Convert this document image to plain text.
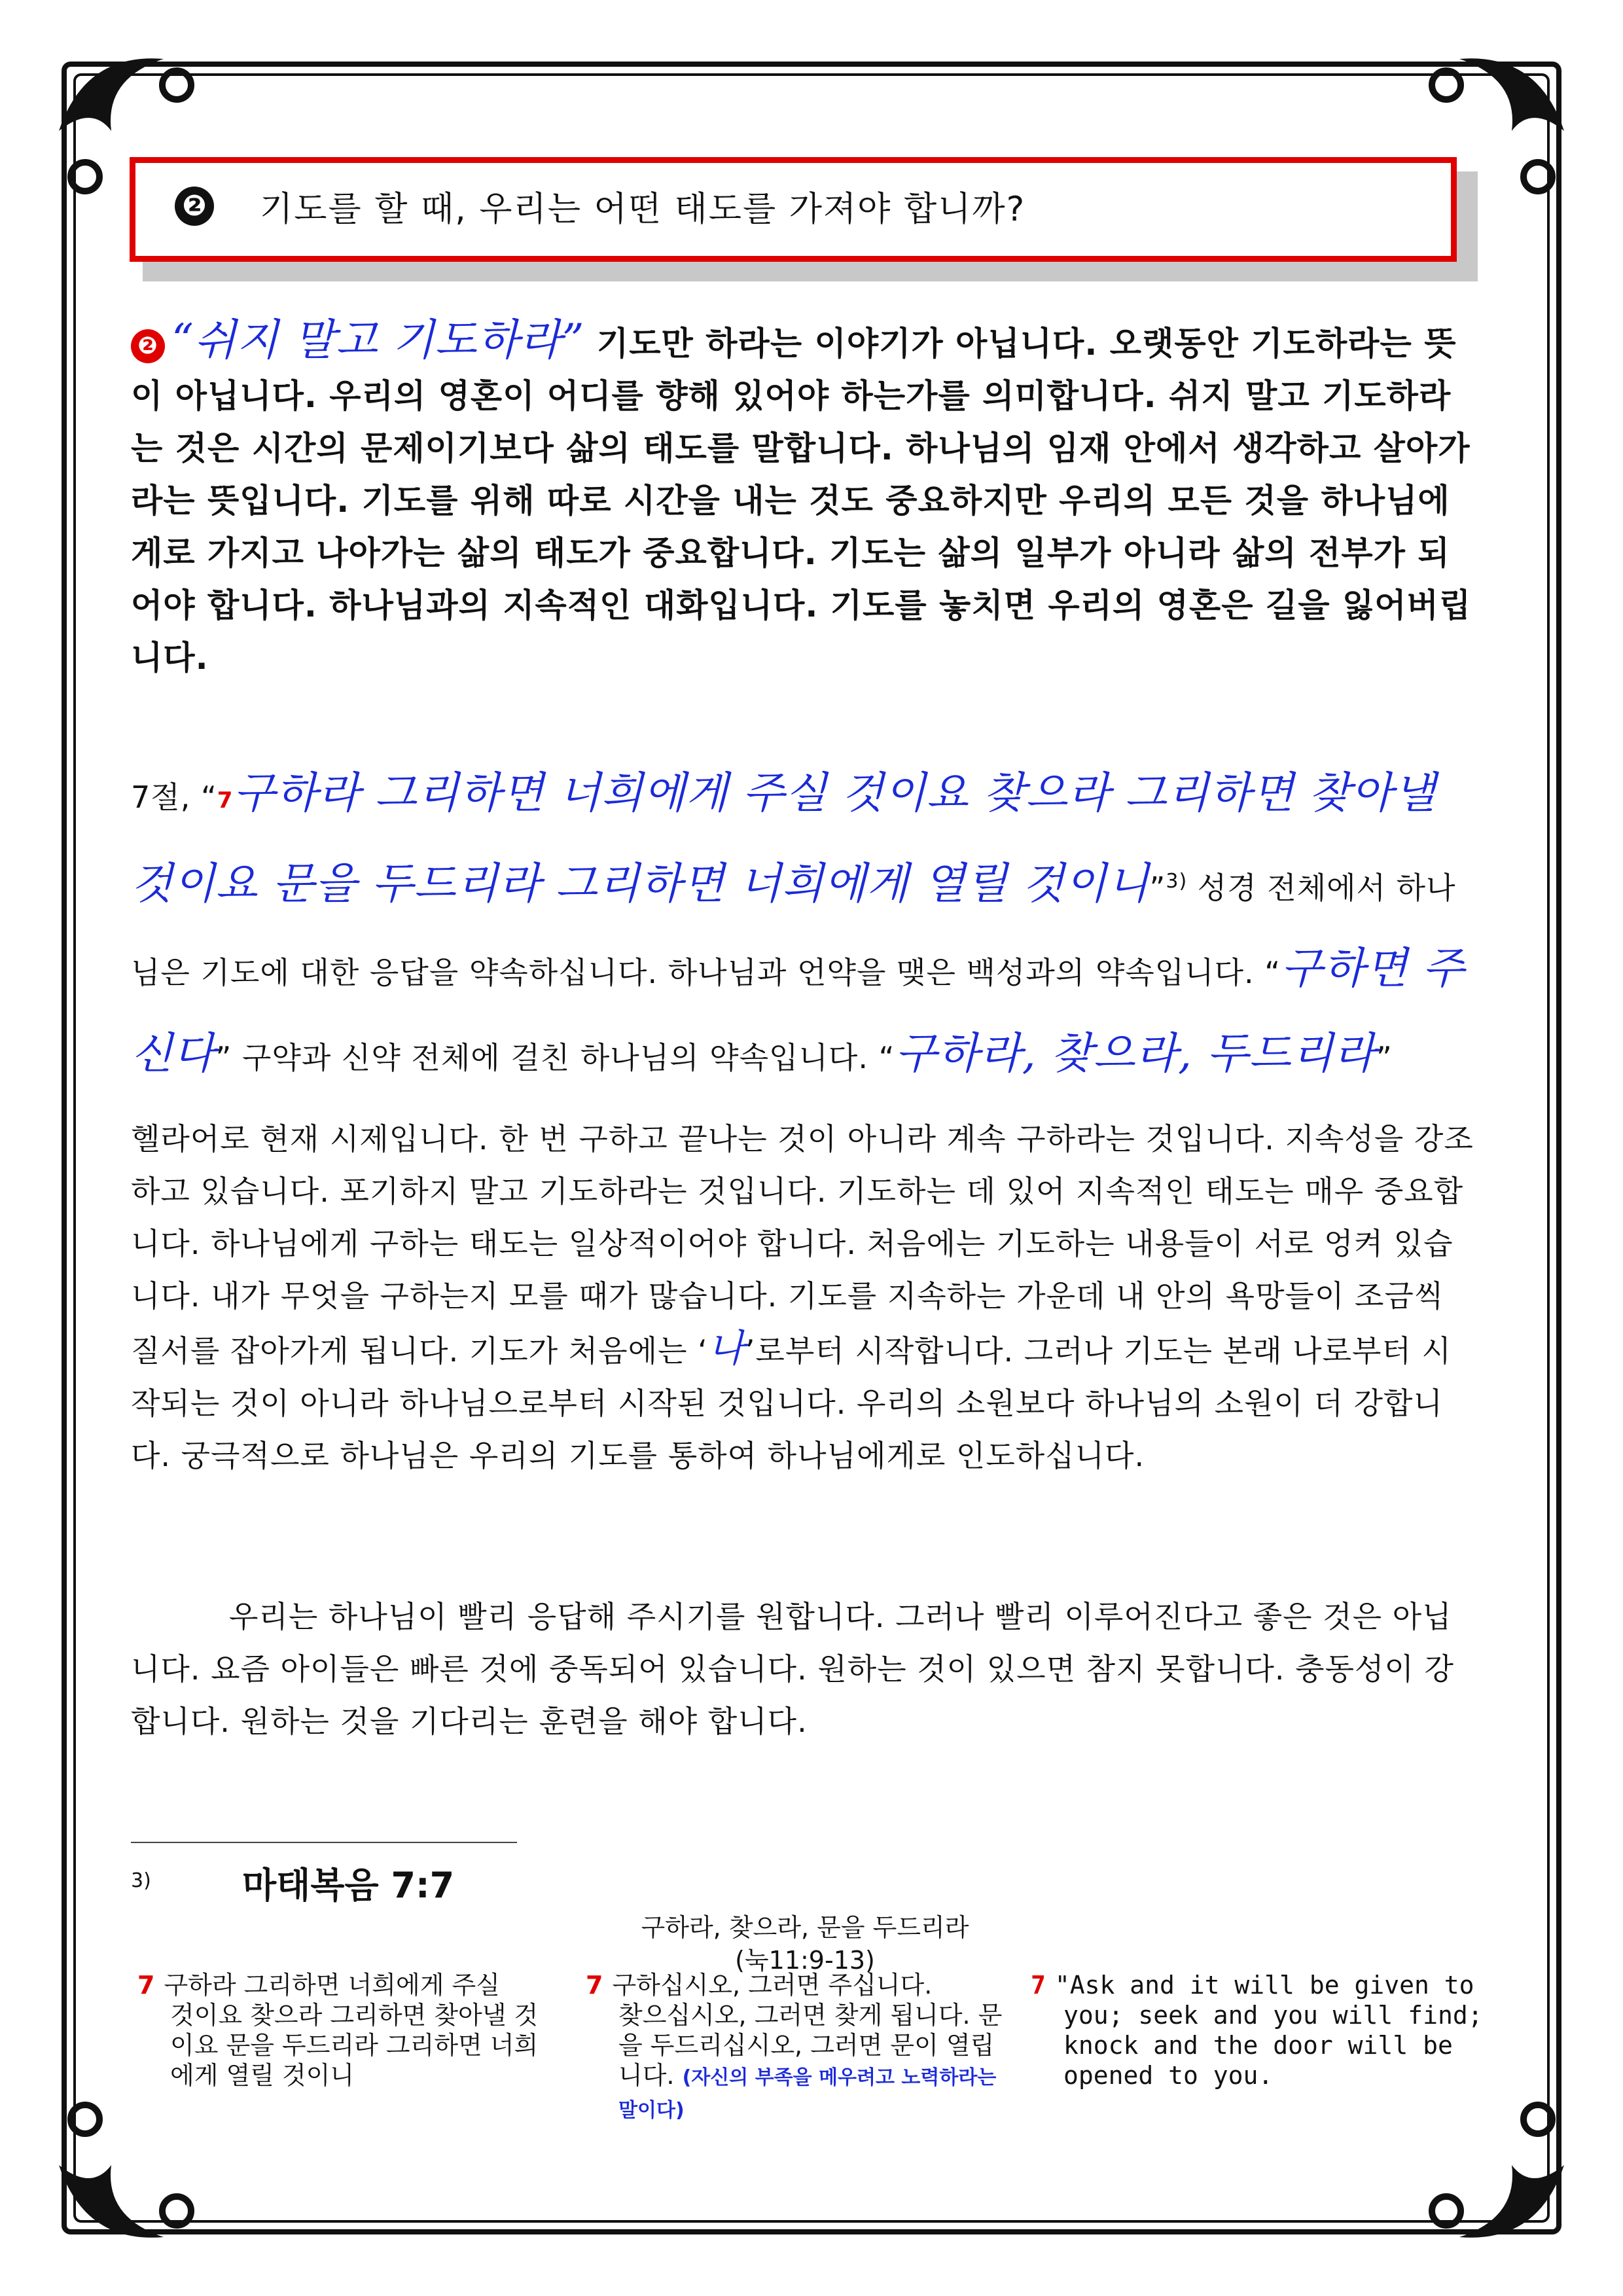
❷ 기도를 할 때, 우리는 어떤 태도를 가져야 합니까?
❷ “쉬지 말고 기도하라” 기도만 하라는 이야기가 아닙니다. 오랫동안 기도하라는 뜻이 아닙니다. 우리의 영혼이 어디를 향해 있어야 하는가를 의미합니다. 쉬지 말고 기도하라는 것은 시간의 문제이기보다 삶의 태도를 말합니다. 하나님의 임재 안에서 생각하고 살아가라는 뜻입니다. 기도를 위해 따로 시간을 내는 것도 중요하지만 우리의 모든 것을 하나님에게로 가지고 나아가는 삶의 태도가 중요합니다. 기도는 삶의 일부가 아니라 삶의 전부가 되어야 합니다. 하나님과의 지속적인 대화입니다. 기도를 놓치면 우리의 영혼은 길을 잃어버립니다.
7절, “7구하라 그리하면 너희에게 주실 것이요 찾으라 그리하면 찾아낼 것이요 문을 두드리라 그리하면 너희에게 열릴 것이니”$^{3)}$ 성경 전체에서 하나님은 기도에 대한 응답을 약속하십니다. 하나님과 언약을 맺은 백성과의 약속입니다. “구하면 주신다” 구약과 신약 전체에 걸친 하나님의 약속입니다. “구하라, 찾으라, 두드리라”
헬라어로 현재 시제입니다. 한 번 구하고 끝나는 것이 아니라 계속 구하라는 것입니다. 지속성을 강조하고 있습니다. 포기하지 말고 기도하라는 것입니다. 기도하는 데 있어 지속적인 태도는 매우 중요합니다. 하나님에게 구하는 태도는 일상적이어야 합니다. 처음에는 기도하는 내용들이 서로 엉켜 있습니다. 내가 무엇을 구하는지 모를 때가 많습니다. 기도를 지속하는 가운데 내 안의 욕망들이 조금씩 질서를 잡아가게 됩니다. 기도가 처음에는 ‘나’로부터 시작합니다. 그러나 기도는 본래 나로부터 시작되는 것이 아니라 하나님으로부터 시작된 것입니다. 우리의 소원보다 하나님의 소원이 더 강합니다. 궁극적으로 하나님은 우리의 기도를 통하여 하나님에게로 인도하십니다.
우리는 하나님이 빨리 응답해 주시기를 원합니다. 그러나 빨리 이루어진다고 좋은 것은 아닙니다. 요즘 아이들은 빠른 것에 중독되어 있습니다. 원하는 것이 있으면 참지 못합니다. 충동성이 강합니다. 원하는 것을 기다리는 훈련을 해야 합니다.
3)	마태복음 7:7
구하라, 찾으라, 문을 두드리라
(눅11:9-13)
7 구하라 그리하면 너희에게 주실
것이요 찾으라 그리하면 찾아낼 것이요 문을 두드리라 그리하면 너희에게 열릴 것이니
7 구하십시오, 그러면 주십니다.
찾으십시오, 그러면 찾게 됩니다. 문을 두드리십시오, 그러면 문이 열립니다. (자신의 부족을 메우려고 노력하라는 말이다)
7 "Ask and it will be given to
you; seek and you will find; knock and the door will be opened to you.
